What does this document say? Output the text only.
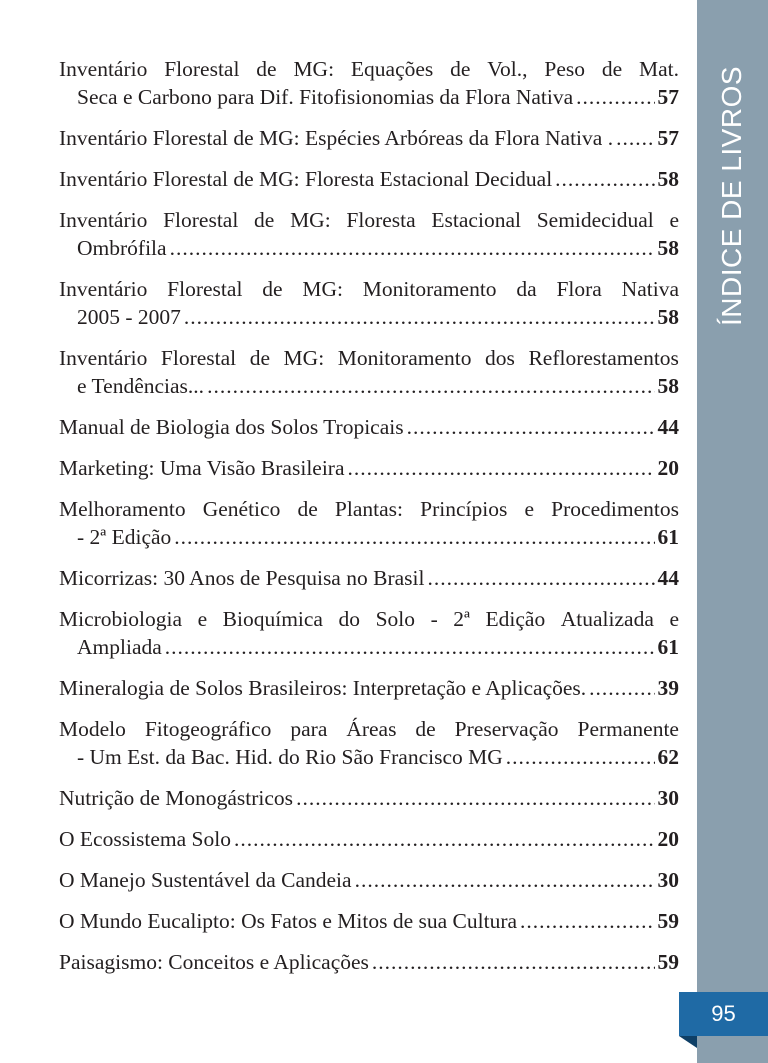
ÍNDICE DE LIVROS
95
Inventário Florestal de MG: Equações de Vol., Peso de Mat.
Seca e Carbono para Dif. Fitofisionomias da Flora Nativa .....	57
Inventário Florestal de MG: Espécies Arbóreas da Flora Nativa . ..... 57
Inventário Florestal de MG: Floresta Estacional Decidual .....	58
Inventário Florestal de MG: Floresta Estacional Semidecidual e
Ombrófila .....	58
Inventário Florestal de MG: Monitoramento da Flora Nativa
2005 - 2007 .....	58
Inventário Florestal de MG: Monitoramento dos Reflorestamentos
e Tendências... .....	58
Manual de Biologia dos Solos Tropicais .....	44
Marketing: Uma Visão Brasileira .....	20
Melhoramento Genético de Plantas: Princípios e Procedimentos
- 2ª Edição .....	61
Micorrizas: 30 Anos de Pesquisa no Brasil .....	44
Microbiologia e Bioquímica do Solo - 2ª Edição Atualizada e
Ampliada .....	61
Mineralogia de Solos Brasileiros: Interpretação e Aplicações. .....	39
Modelo Fitogeográfico para Áreas de Preservação Permanente
- Um Est. da Bac. Hid. do Rio São Francisco MG .....	62
Nutrição de Monogástricos .....	30
O Ecossistema Solo .....	20
O Manejo Sustentável da Candeia .....	30
O Mundo Eucalipto: Os Fatos e Mitos de sua Cultura .....	59
Paisagismo: Conceitos e Aplicações .....	59
